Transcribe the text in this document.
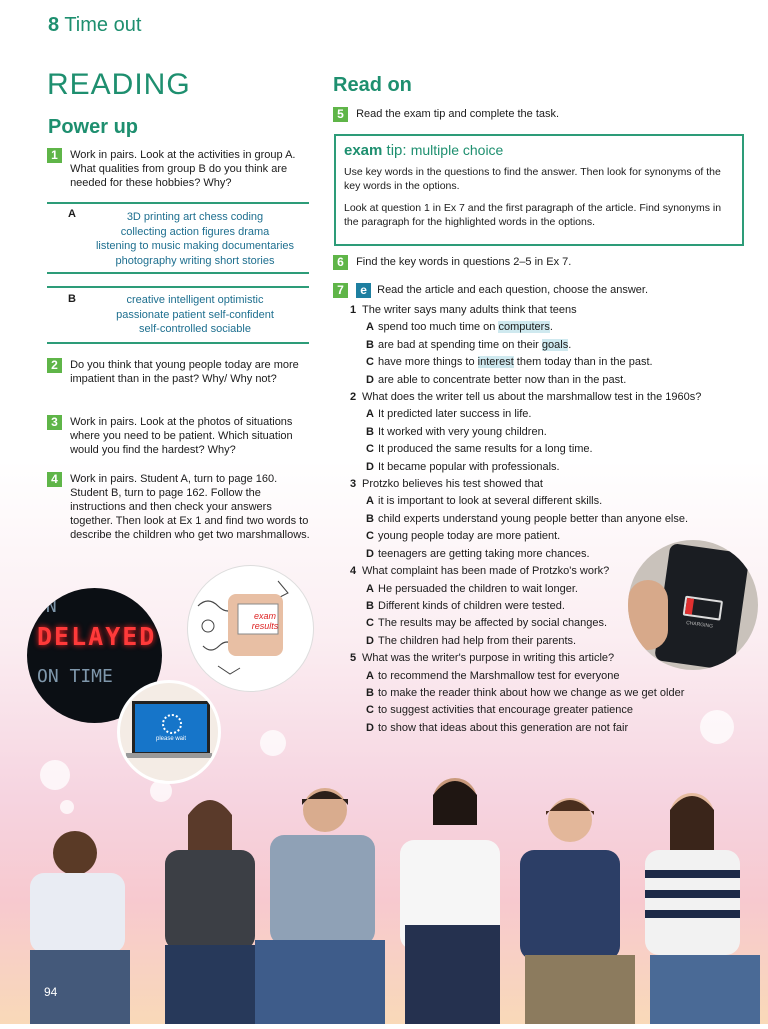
8 Time out
READING
Power up
1 Work in pairs. Look at the activities in group A. What qualities from group B do you think are needed for these hobbies? Why?
A	3D printing art chess coding
collecting action figures drama
listening to music making documentaries
photography writing short stories
B	creative intelligent optimistic
passionate patient self-confident
self-controlled sociable
2 Do you think that young people today are more impatient than in the past? Why/ Why not?
3 Work in pairs. Look at the photos of situations where you need to be patient. Which situation would you find the hardest? Why?
4 Work in pairs. Student A, turn to page 160. Student B, turn to page 162. Follow the instructions and then check your answers together. Then look at Ex 1 and find two words to describe the children who get two marshmallows.
ON
DELAYED
ON TIME
please wait
exam
results
Read on
5 Read the exam tip and complete the task.
exam tip: multiple choice
Use key words in the questions to find the answer. Then look for synonyms of the key words in the options.
Look at question 1 in Ex 7 and the first paragraph of the article. Find synonyms in the paragraph for the highlighted words in the options.
6 Find the key words in questions 2–5 in Ex 7.
7 e Read the article and each question, choose the answer.
1 The writer says many adults think that teens
A spend too much time on computers.
B are bad at spending time on their goals.
C have more things to interest them today than in the past.
D are able to concentrate better now than in the past.
2 What does the writer tell us about the marshmallow test in the 1960s?
A It predicted later success in life.
B It worked with very young children.
C It produced the same results for a long time.
D It became popular with professionals.
3 Protzko believes his test showed that
A it is important to look at several different skills.
B child experts understand young people better than anyone else.
C young people today are more patient.
D teenagers are getting taking more chances.
4 What complaint has been made of Protzko's work?
A He persuaded the children to wait longer.
B Different kinds of children were tested.
C The results may be affected by social changes.
D The children had help from their parents.
5 What was the writer's purpose in writing this article?
A to recommend the Marshmallow test for everyone
B to make the reader think about how we change as we get older
C to suggest activities that encourage greater patience
D to show that ideas about this generation are not fair
CHARGING
94
